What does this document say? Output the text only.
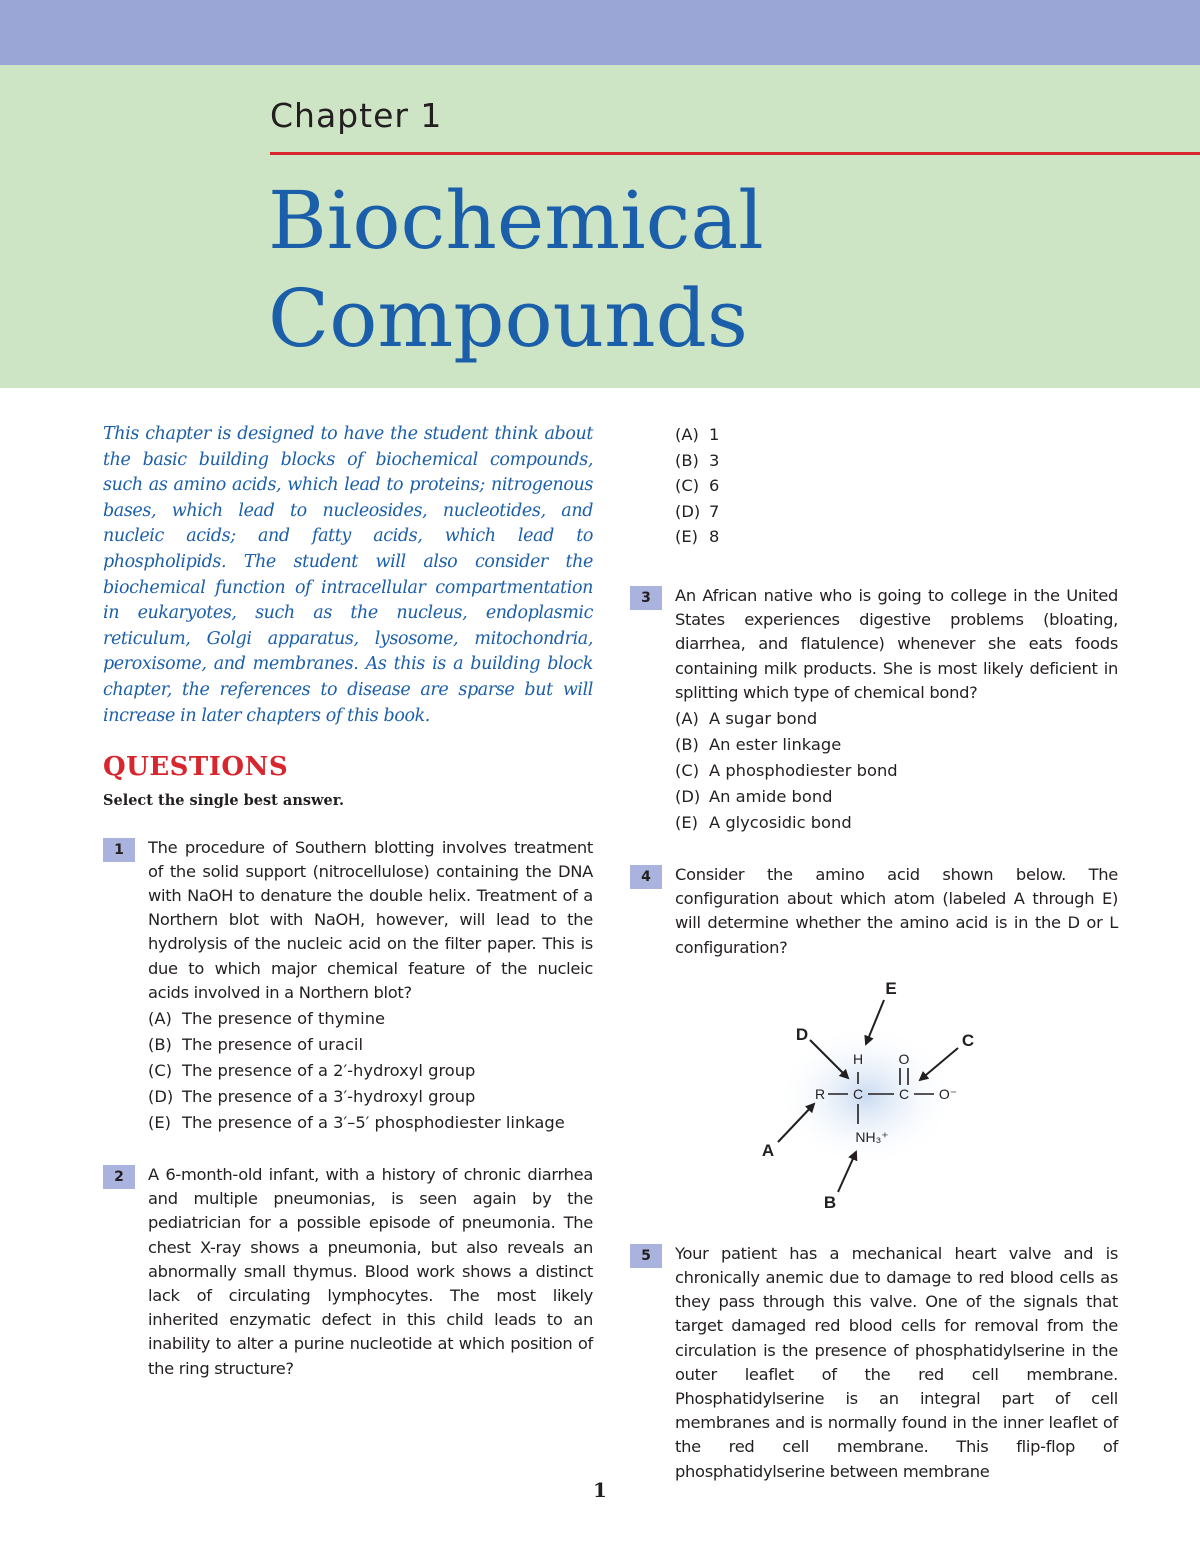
Chapter 1
Biochemical
Compounds

This chapter is designed to have the student think about the basic building blocks of biochemical compounds, such as amino acids, which lead to proteins; nitrogenous bases, which lead to nucleosides, nucleotides, and nucleic acids; and fatty acids, which lead to phospholipids. The student will also consider the biochemical function of intracellular compartmentation in eukaryotes, such as the nucleus, endoplasmic reticulum, Golgi apparatus, lysosome, mitochondria, peroxisome, and membranes. As this is a building block chapter, the references to disease are sparse but will increase in later chapters of this book.

QUESTIONS
Select the single best answer.
1	The procedure of Southern blotting involves treatment of the solid support (nitrocellulose) containing the DNA with NaOH to denature the double helix. Treatment of a Northern blot with NaOH, however, will lead to the hydrolysis of the nucleic acid on the filter paper. This is due to which major chemical feature of the nucleic acids involved in a Northern blot?

(A) The presence of thymine
(B) The presence of uracil
(C) The presence of a 2′-hydroxyl group
(D) The presence of a 3′-hydroxyl group
(E) The presence of a 3′–5′ phosphodiester linkage
2	A 6-month-old infant, with a history of chronic diarrhea and multiple pneumonias, is seen again by the pediatrician for a possible episode of pneumonia. The chest X-ray shows a pneumonia, but also reveals an abnormally small thymus. Blood work shows a distinct lack of circulating lymphocytes. The most likely inherited enzymatic defect in this child leads to an inability to alter a purine nucleotide at which position of the ring structure?

(A) 1
(B) 3
(C) 6
(D) 7
(E) 8
3	An African native who is going to college in the United States experiences digestive problems (bloating, diarrhea, and flatulence) whenever she eats foods containing milk products. She is most likely deficient in splitting which type of chemical bond?

(A) A sugar bond
(B) An ester linkage
(C) A phosphodiester bond
(D) An amide bond
(E) A glycosidic bond
4	Consider the amino acid shown below. The configuration about which atom (labeled A through E) will determine whether the amino acid is in the D or L configuration?

R C	C
H	O
O⁻
NH₃⁺
E
D	C
A
B
5	Your patient has a mechanical heart valve and is chronically anemic due to damage to red blood cells as they pass through this valve. One of the signals that target damaged red blood cells for removal from the circulation is the presence of phosphatidylserine in the outer leaflet of the red cell membrane. Phosphatidylserine is an integral part of cell membranes and is normally found in the inner leaflet of the red cell membrane. This flip-flop of phosphatidylserine between membrane

1
